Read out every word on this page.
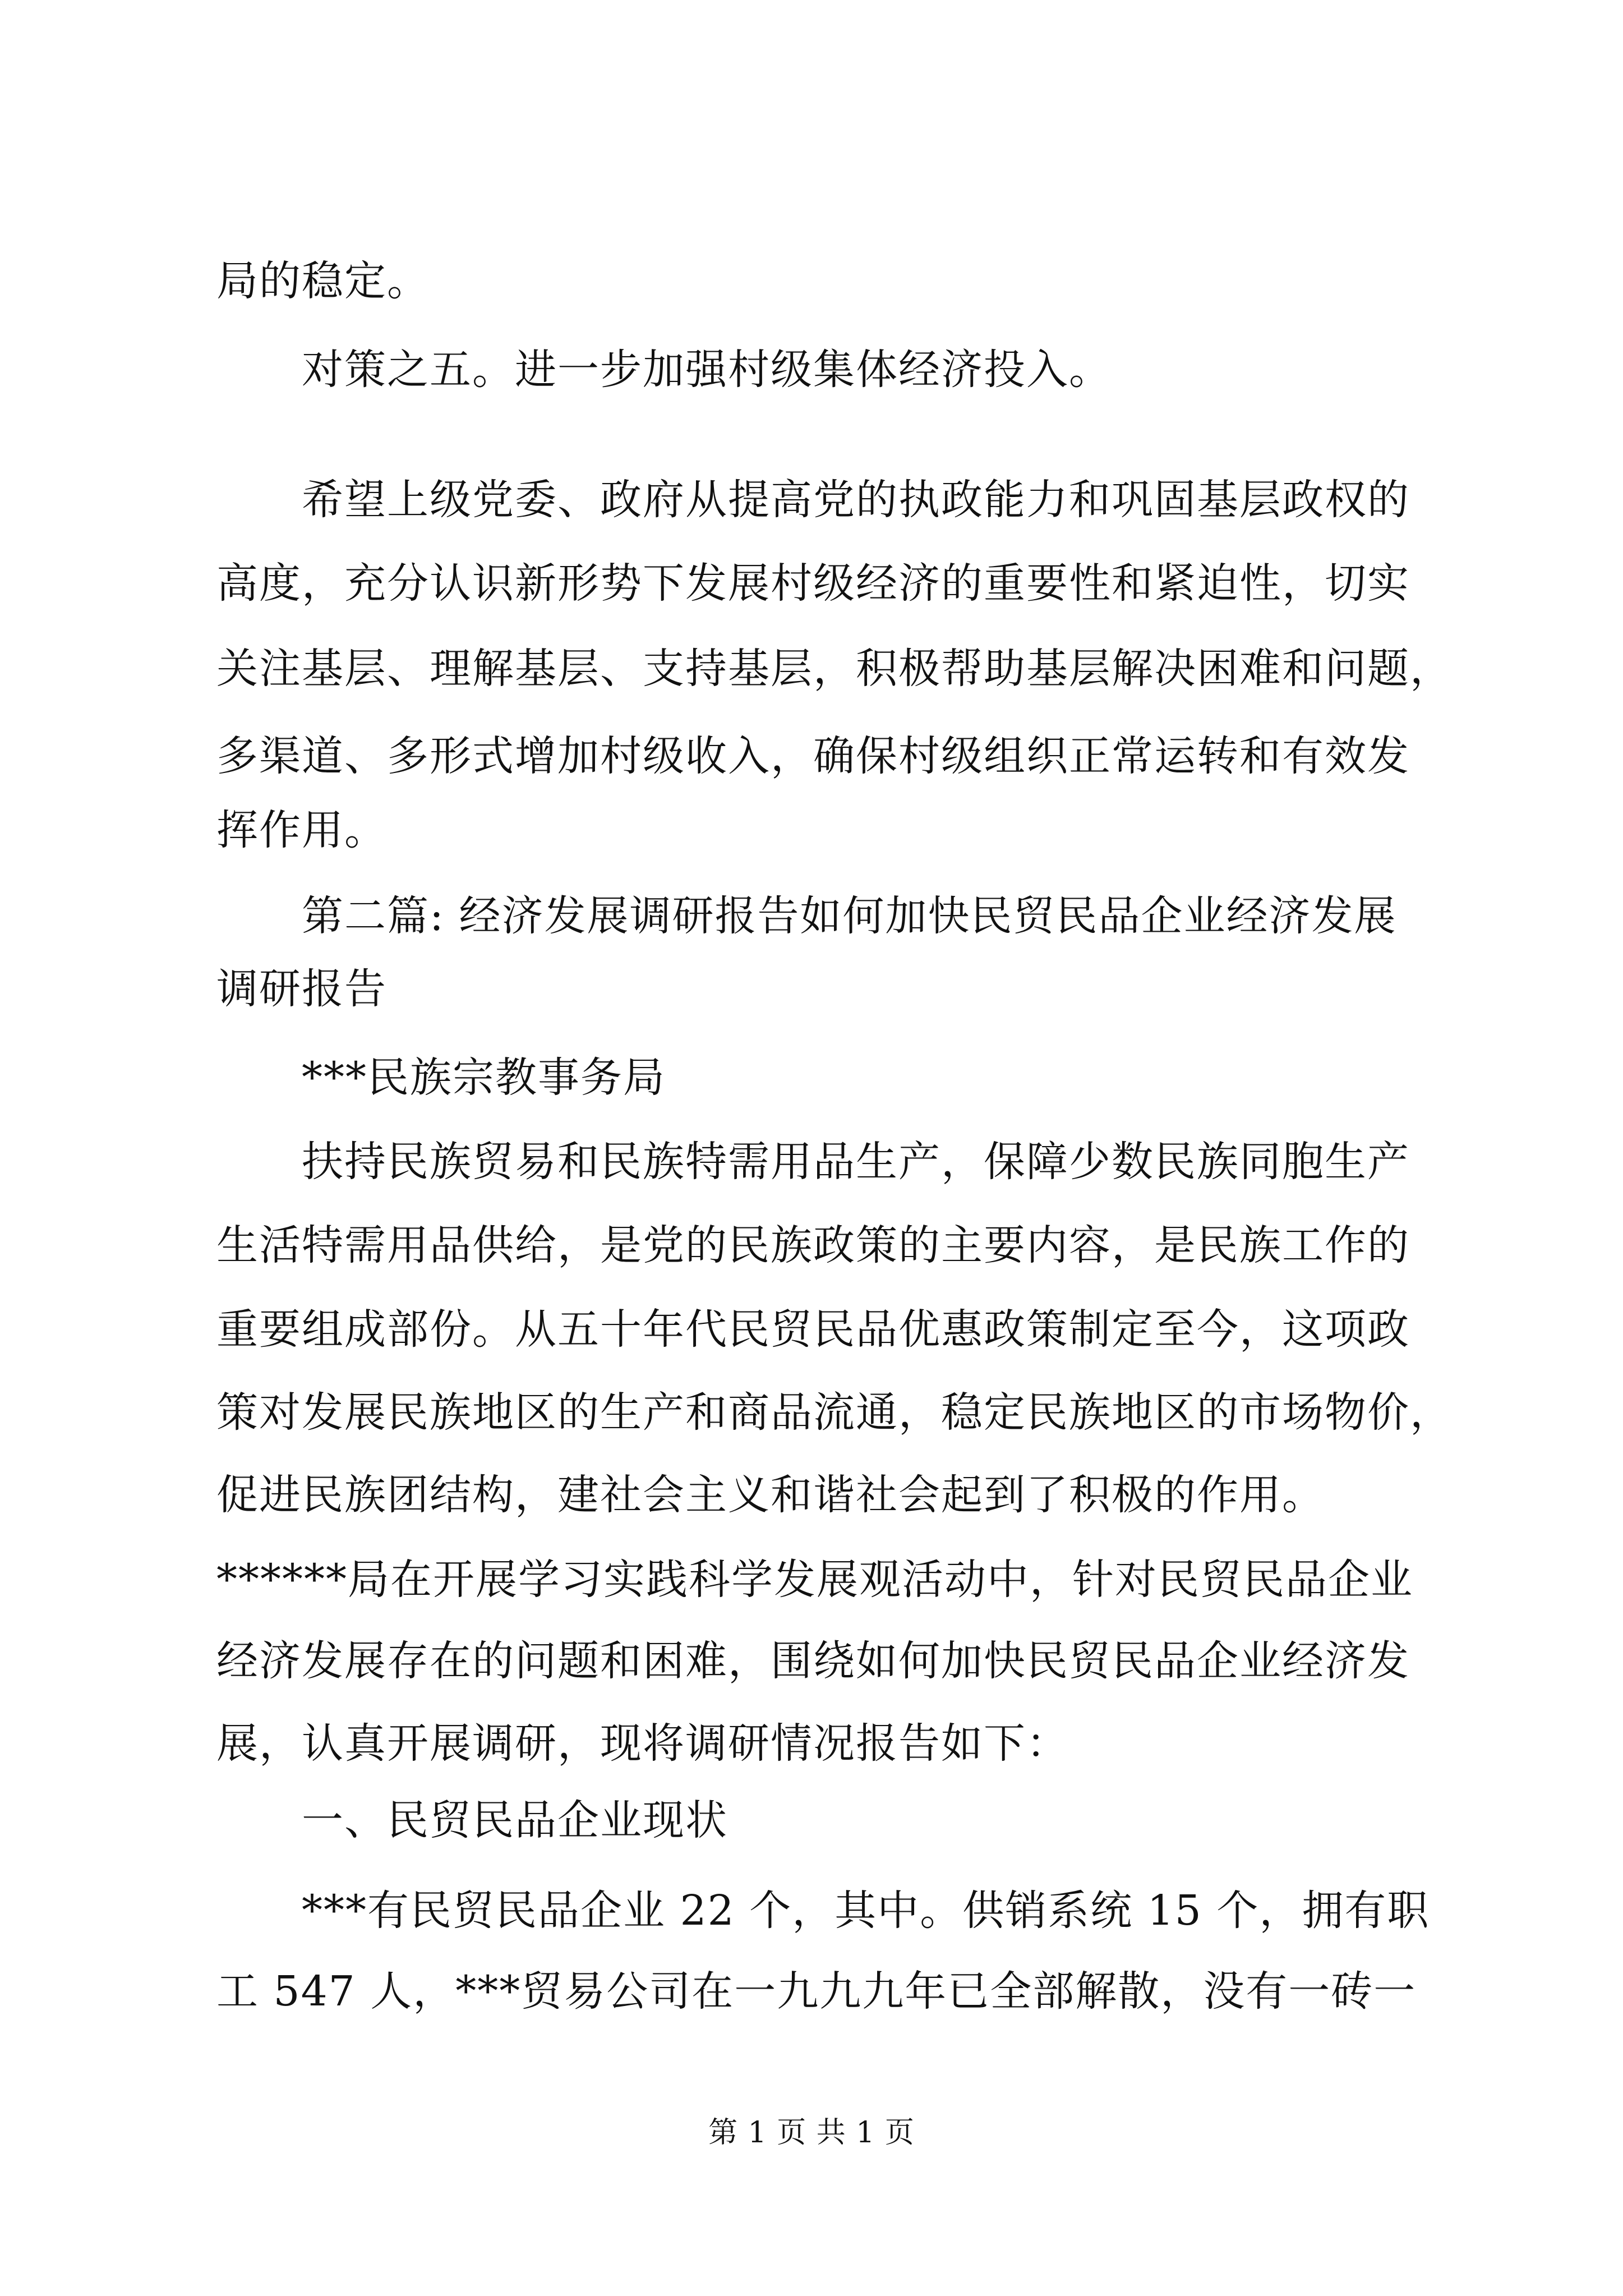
局的稳定。
对策之五。进一步加强村级集体经济投入。
希望上级党委、政府从提高党的执政能力和巩固基层政权的
高度，充分认识新形势下发展村级经济的重要性和紧迫性，切实
关注基层、理解基层、支持基层，积极帮助基层解决困难和问题，
多渠道、多形式增加村级收入，确保村级组织正常运转和有效发
挥作用。
第二篇: 经济发展调研报告如何加快民贸民品企业经济发展
调研报告
***民族宗教事务局
扶持民族贸易和民族特需用品生产，保障少数民族同胞生产
生活特需用品供给，是党的民族政策的主要内容，是民族工作的
重要组成部份。从五十年代民贸民品优惠政策制定至今，这项政
策对发展民族地区的生产和商品流通，稳定民族地区的市场物价，
促进民族团结构，建社会主义和谐社会起到了积极的作用。
******局在开展学习实践科学发展观活动中，针对民贸民品企业
经济发展存在的问题和困难，围绕如何加快民贸民品企业经济发
展，认真开展调研，现将调研情况报告如下：
一、民贸民品企业现状
***有民贸民品企业 22 个，其中。供销系统 15 个，拥有职
工 547 人，***贸易公司在一九九九年已全部解散，没有一砖一
第 1 页 共 1 页
